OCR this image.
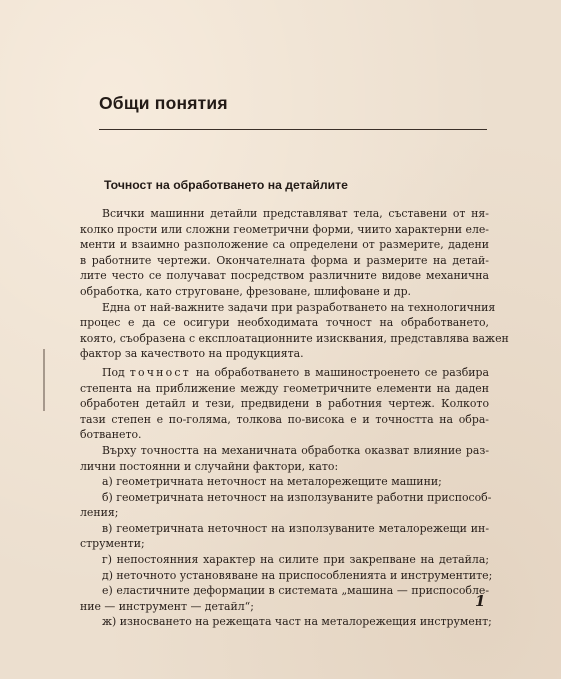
Общи понятия
Точност на обработването на детайлите
Всички машинни детайли представляват тела, съставени от ня-
колко прости или сложни геометрични форми, чиито характерни еле-
менти и взаимно разположение са определени от размерите, дадени
в работните чертежи. Окончателната форма и размерите на детай-
лите често се получават посредством различните видове механична
обработка, като струговане, фрезоване, шлифоване и др.
Една от най-важните задачи при разработването на технологичния
процес е да се осигури необходимата точност на обработването,
която, съобразена с експлоатационните изисквания, представлява важен
фактор за качеството на продукцията.
Под точност на обработването в машиностроенето се разбира
степента на приближение между геометричните елементи на даден
обработен детайл и тези, предвидени в работния чертеж. Колкото
тази степен е по-голяма, толкова по-висока е и точността на обра-
ботването.
Върху точността на механичната обработка оказват влияние раз-
лични постоянни и случайни фактори, като:
а) геометричната неточност на металорежещите машини;
б) геометричната неточност на използуваните работни приспособ-
ления;
в) геометричната неточност на използуваните металорежещи ин-
струменти;
г) непостоянния характер на силите при закрепване на детайла;
д) неточното установяване на приспособленията и инструментите;
е) еластичните деформации в системата „машина — приспособле-
ние — инструмент — детайл“;
ж) износването на режещата част на металорежещия инструмент;
1
